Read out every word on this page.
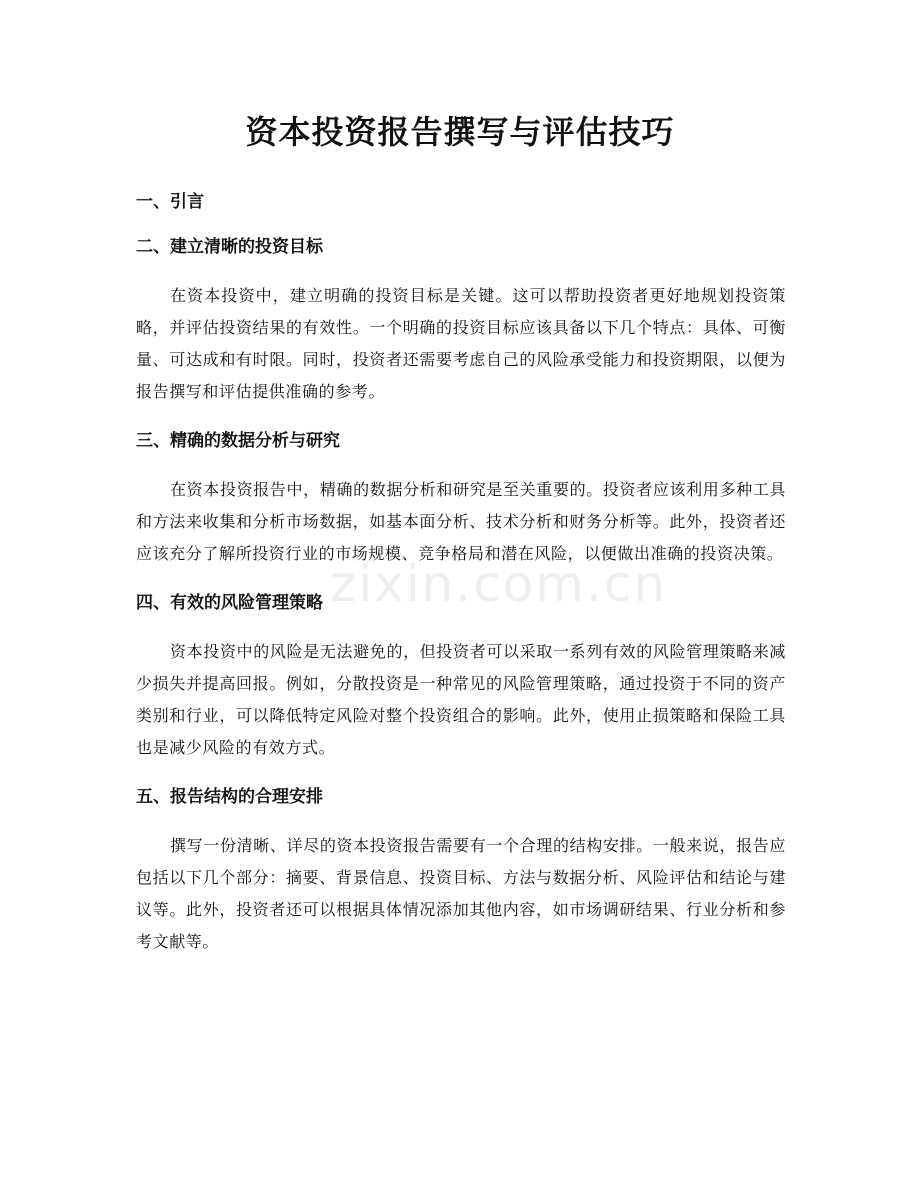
zixin.com.cn
资本投资报告撰写与评估技巧
一、引言
二、建立清晰的投资目标

在资本投资中，建立明确的投资目标是关键。这可以帮助投资者更好地规划投资策略，并评估投资结果的有效性。一个明确的投资目标应该具备以下几个特点：具体、可衡量、可达成和有时限。同时，投资者还需要考虑自己的风险承受能力和投资期限，以便为报告撰写和评估提供准确的参考。

三、精确的数据分析与研究

在资本投资报告中，精确的数据分析和研究是至关重要的。投资者应该利用多种工具和方法来收集和分析市场数据，如基本面分析、技术分析和财务分析等。此外，投资者还应该充分了解所投资行业的市场规模、竞争格局和潜在风险，以便做出准确的投资决策。

四、有效的风险管理策略

资本投资中的风险是无法避免的，但投资者可以采取一系列有效的风险管理策略来减少损失并提高回报。例如，分散投资是一种常见的风险管理策略，通过投资于不同的资产类别和行业，可以降低特定风险对整个投资组合的影响。此外，使用止损策略和保险工具也是减少风险的有效方式。

五、报告结构的合理安排

撰写一份清晰、详尽的资本投资报告需要有一个合理的结构安排。一般来说，报告应包括以下几个部分：摘要、背景信息、投资目标、方法与数据分析、风险评估和结论与建议等。此外，投资者还可以根据具体情况添加其他内容，如市场调研结果、行业分析和参考文献等。
